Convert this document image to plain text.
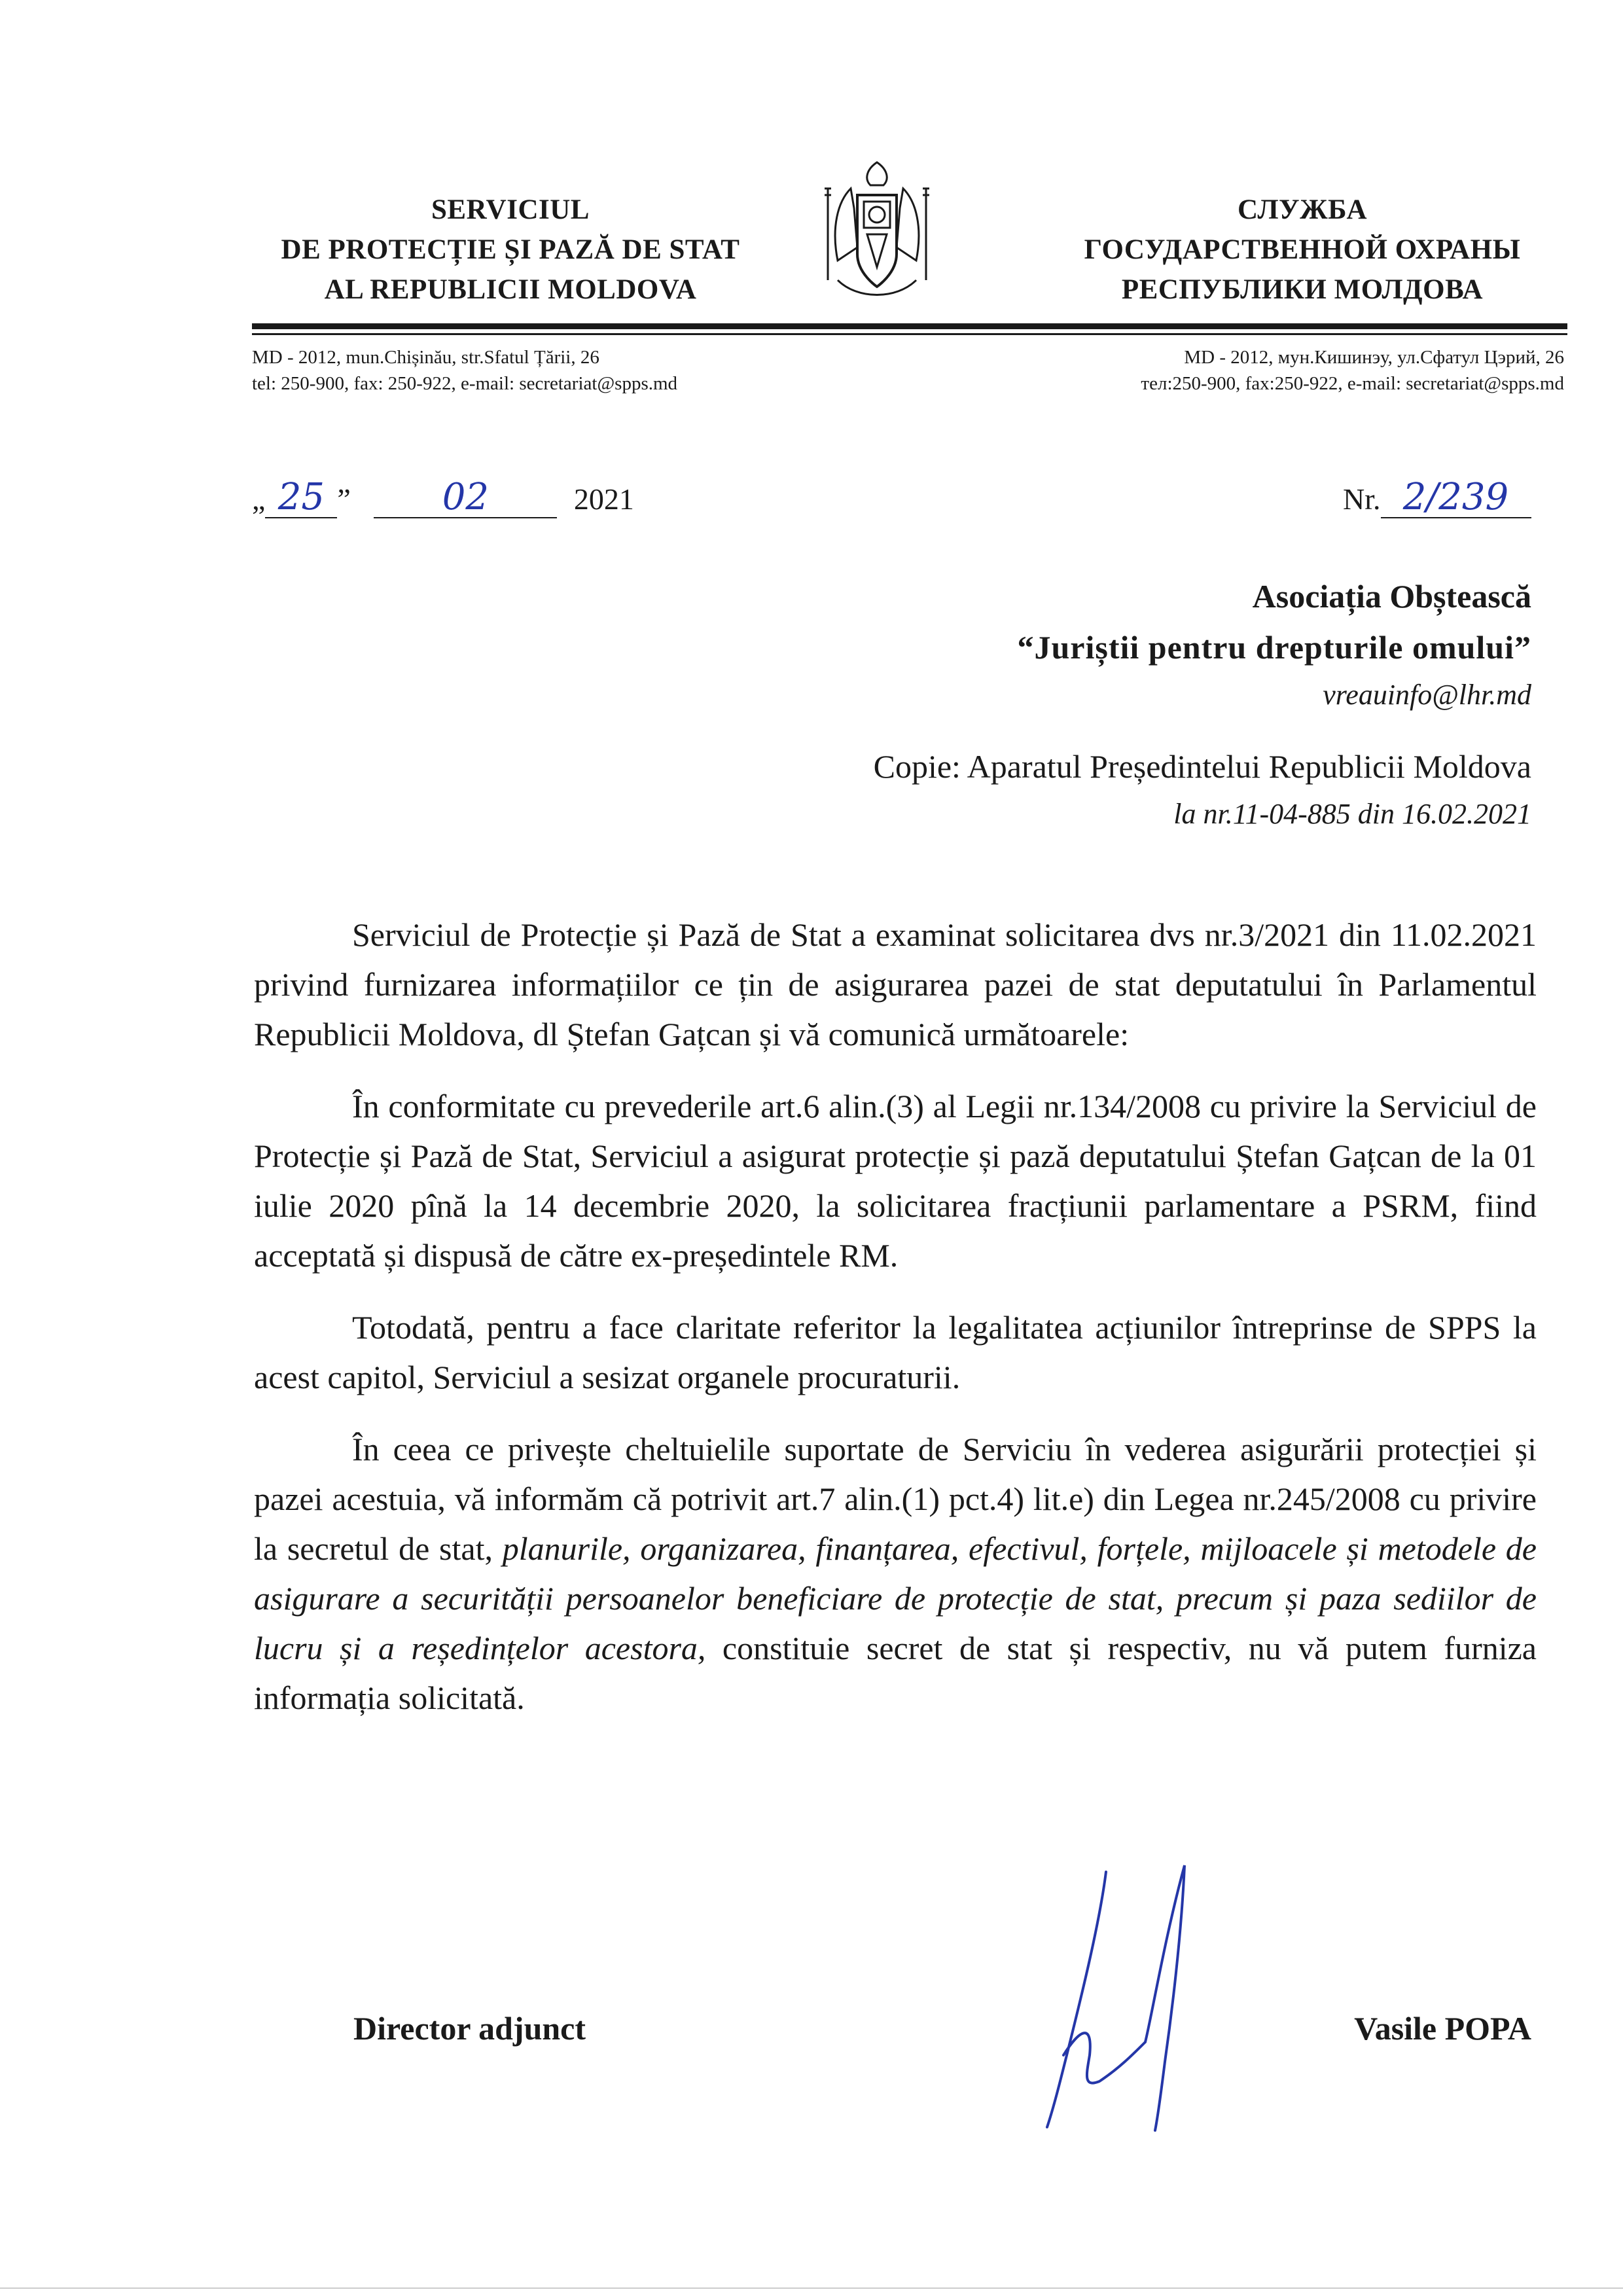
SERVICIUL
DE PROTECȚIE ȘI PAZĂ DE STAT
AL REPUBLICII MOLDOVA
СЛУЖБА
ГОСУДАРСТВЕННОЙ ОХРАНЫ
РЕСПУБЛИКИ МОЛДОВА
MD - 2012, mun.Chișinău, str.Sfatul Țării, 26
tel: 250-900, fax: 250-922, e-mail: secretariat@spps.md
MD - 2012, мун.Кишинэу, ул.Сфатул Цэрий, 26
тел:250-900, fax:250-922, e-mail: secretariat@spps.md
„ 25 ” 02	2021	Nr. 2/239
Asociația Obștească
“Juriștii pentru drepturile omului”
vreauinfo@lhr.md
Copie: Aparatul Președintelui Republicii Moldova
la nr.11-04-885 din 16.02.2021

Serviciul de Protecție și Pază de Stat a examinat solicitarea dvs nr.3/2021 din 11.02.2021 privind furnizarea informațiilor ce țin de asigurarea pazei de stat deputatului în Parlamentul Republicii Moldova, dl Ștefan Gațcan și vă comunică următoarele:

În conformitate cu prevederile art.6 alin.(3) al Legii nr.134/2008 cu privire la Serviciul de Protecție și Pază de Stat, Serviciul a asigurat protecție și pază deputatului Ștefan Gațcan de la 01 iulie 2020 pînă la 14 decembrie 2020, la solicitarea fracțiunii parlamentare a PSRM, fiind acceptată și dispusă de către ex-președintele RM.

Totodată, pentru a face claritate referitor la legalitatea acțiunilor întreprinse de SPPS la acest capitol, Serviciul a sesizat organele procuraturii.

În ceea ce privește cheltuielile suportate de Serviciu în vederea asigurării protecției și pazei acestuia, vă informăm că potrivit art.7 alin.(1) pct.4) lit.e) din Legea nr.245/2008 cu privire la secretul de stat, planurile, organizarea, finanțarea, efectivul, forțele, mijloacele și metodele de asigurare a securității persoanelor beneficiare de protecție de stat, precum și paza sediilor de lucru și a reședințelor acestora, constituie secret de stat și respectiv, nu vă putem furniza informația solicitată.

Director adjunct	Vasile POPA
